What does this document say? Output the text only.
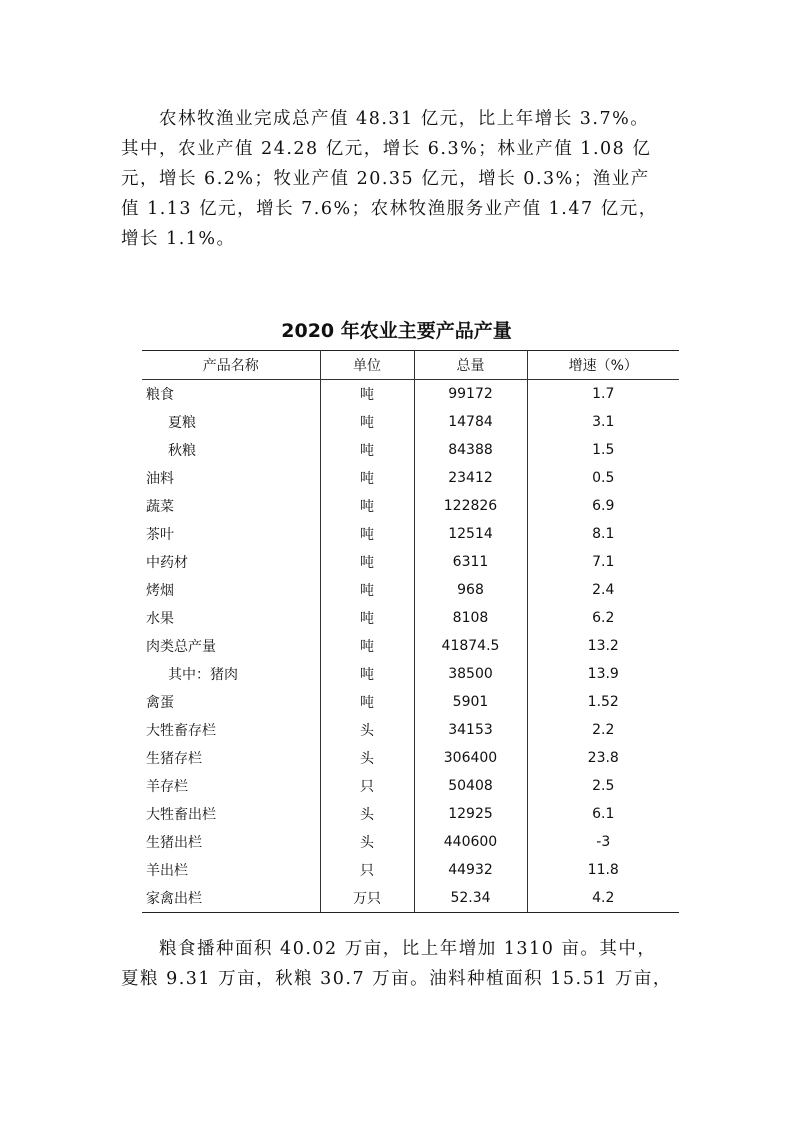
　　农林牧渔业完成总产值 48.31 亿元，比上年增长 3.7%。
其中，农业产值 24.28 亿元，增长 6.3%；林业产值 1.08 亿
元，增长 6.2%；牧业产值 20.35 亿元，增长 0.3%；渔业产
值 1.13 亿元，增长 7.6%；农林牧渔服务业产值 1.47 亿元，
增长 1.1%。
2020 年农业主要产品产量
产品名称	单位	总量	增速（%）
粮食	吨	99172	1.7
夏粮	吨	14784	3.1
秋粮	吨	84388	1.5
油料	吨	23412	0.5
蔬菜	吨	122826	6.9
茶叶	吨	12514	8.1
中药材	吨	6311	7.1
烤烟	吨	968	2.4
水果	吨	8108	6.2
肉类总产量	吨	41874.5	13.2
其中：猪肉	吨	38500	13.9
禽蛋	吨	5901	1.52
大牲畜存栏	头	34153	2.2
生猪存栏	头	306400	23.8
羊存栏	只	50408	2.5
大牲畜出栏	头	12925	6.1
生猪出栏	头	440600	-3
羊出栏	只	44932	11.8
家禽出栏	万只	52.34	4.2
　　粮食播种面积 40.02 万亩，比上年增加 1310 亩。其中，
夏粮 9.31 万亩，秋粮 30.7 万亩。油料种植面积 15.51 万亩，
